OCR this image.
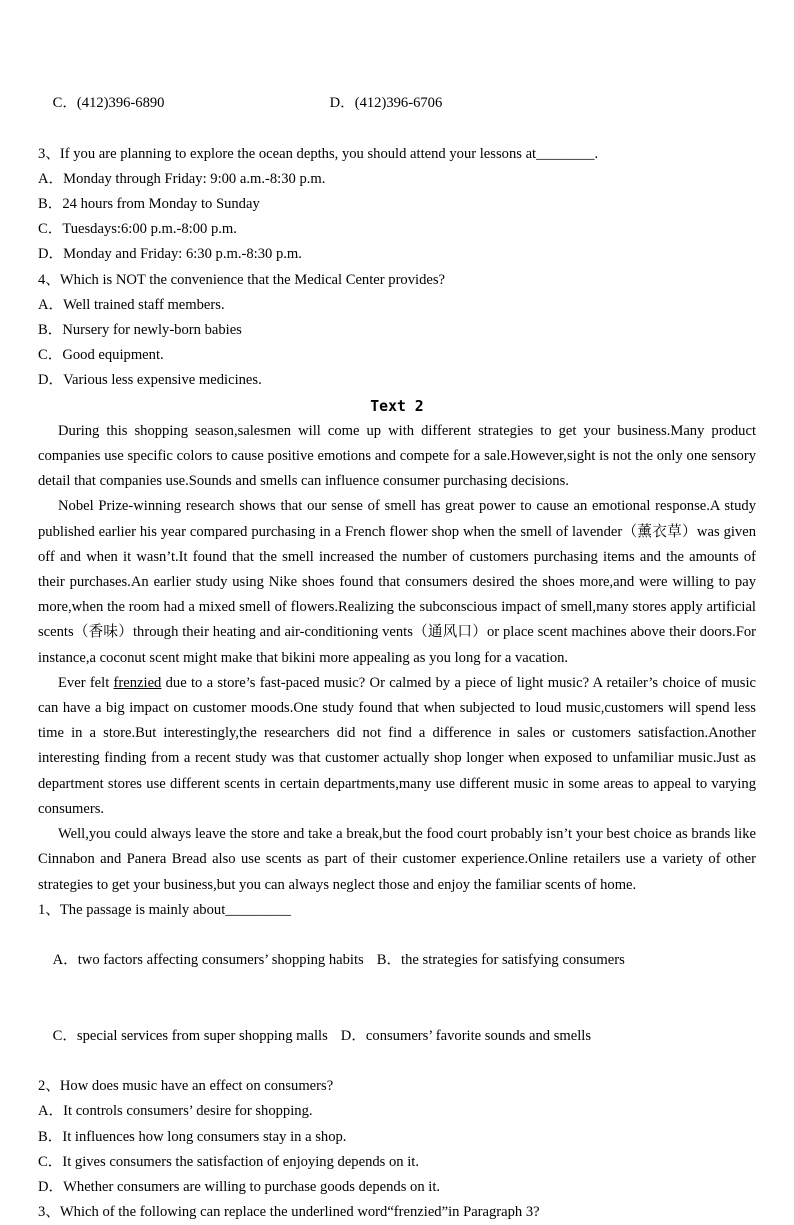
C．(412)396-6890	D．(412)396-6706

3、If you are planning to explore the ocean depths, you should attend your lessons at________.
A．Monday through Friday: 9:00 a.m.-8:30 p.m.
B．24 hours from Monday to Sunday
C．Tuesdays:6:00 p.m.-8:00 p.m.
D．Monday and Friday: 6:30 p.m.-8:30 p.m.
4、Which is NOT the convenience that the Medical Center provides?
A．Well trained staff members.
B．Nursery for newly-born babies
C．Good equipment.
D．Various less expensive medicines.
Text 2

During this shopping season,salesmen will come up with different strategies to get your business.Many product companies use specific colors to cause positive emotions and compete for a sale.However,sight is not the only one sensory detail that companies use.Sounds and smells can influence consumer purchasing decisions.

Nobel Prize-winning research shows that our sense of smell has great power to cause an emotional response.A study published earlier his year compared purchasing in a French flower shop when the smell of lavender（薰衣草）was given off and when it wasn’t.It found that the smell increased the number of customers purchasing items and the amounts of their purchases.An earlier study using Nike shoes found that consumers desired the shoes more,and were willing to pay more,when the room had a mixed smell of flowers.Realizing the subconscious impact of smell,many stores apply artificial scents（香味）through their heating and air-conditioning vents（通风口）or place scent machines above their doors.For instance,a coconut scent might make that bikini more appealing as you long for a vacation.

Ever felt frenzied due to a store’s fast-paced music? Or calmed by a piece of light music? A retailer’s choice of music can have a big impact on customer moods.One study found that when subjected to loud music,customers will spend less time in a store.But interestingly,the researchers did not find a difference in sales or customers satisfaction.Another interesting finding from a recent study was that customer actually shop longer when exposed to unfamiliar music.Just as department stores use different scents in certain departments,many use different music in some areas to appeal to varying consumers.

Well,you could always leave the store and take a break,but the food court probably isn’t your best choice as brands like Cinnabon and Panera Bread also use scents as part of their customer experience.Online retailers use a variety of other strategies to get your business,but you can always neglect those and enjoy the familiar scents of home.

1、The passage is mainly about_________

A．two factors affecting consumers’ shopping habits B．the strategies for satisfying consumers

C．special services from super shopping malls D．consumers’ favorite sounds and smells

2、How does music have an effect on consumers?
A．It controls consumers’ desire for shopping.
B．It influences how long consumers stay in a shop.
C．It gives consumers the satisfaction of enjoying depends on it.
D．Whether consumers are willing to purchase goods depends on it.
3、Which of the following can replace the underlined word“frenzied”in Paragraph 3?
